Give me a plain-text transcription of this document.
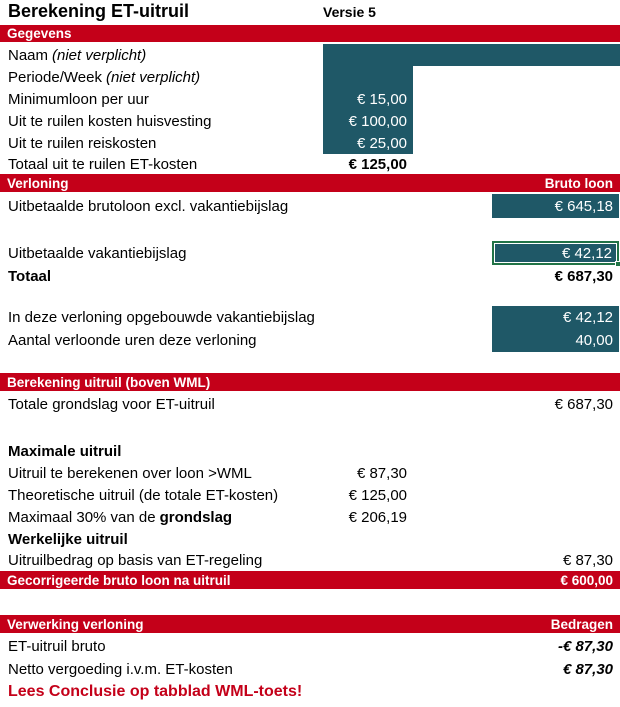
Berekening ET-uitruil	Versie 5
Gegevens
Naam (niet verplicht)
Periode/Week (niet verplicht)
Minimumloon per uur	€ 15,00
Uit te ruilen kosten huisvesting	€ 100,00
Uit te ruilen reiskosten	€ 25,00
Totaal uit te ruilen ET-kosten	€ 125,00
Verloning	Bruto loon
Uitbetaalde brutoloon excl. vakantiebijslag	€ 645,18
Uitbetaalde vakantiebijslag	€ 42,12
Totaal	€ 687,30
In deze verloning opgebouwde vakantiebijslag	€ 42,12
Aantal verloonde uren deze verloning	40,00
Berekening uitruil (boven WML)
Totale grondslag voor ET-uitruil	€ 687,30
Maximale uitruil
Uitruil te berekenen over loon >WML	€ 87,30
Theoretische uitruil (de totale ET-kosten)	€ 125,00
Maximaal 30% van de grondslag	€ 206,19
Werkelijke uitruil
Uitruilbedrag op basis van ET-regeling	€ 87,30
Gecorrigeerde bruto loon na uitruil	€ 600,00
Verwerking verloning	Bedragen
ET-uitruil bruto	-€ 87,30
Netto vergoeding i.v.m. ET-kosten	€ 87,30
Lees Conclusie op tabblad WML-toets!
